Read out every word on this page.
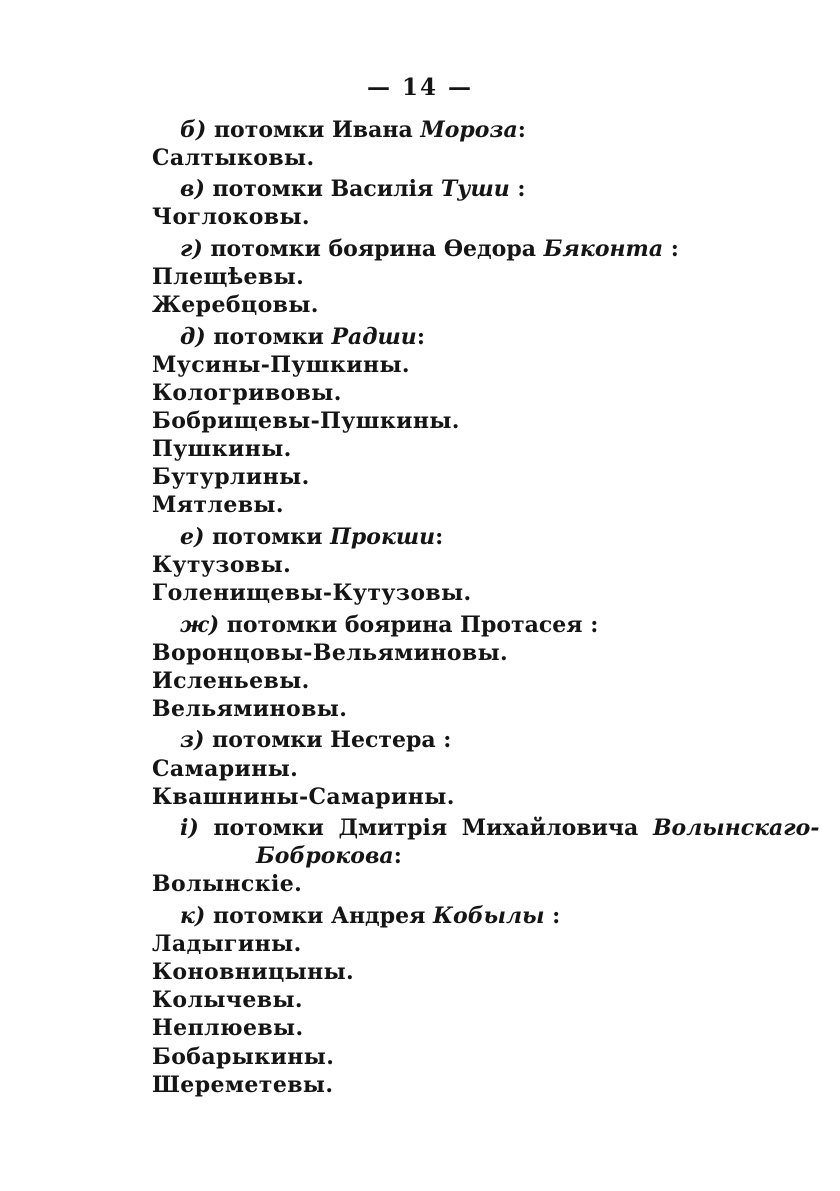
— 14 —
б) потомки Ивана Мороза:
Салтыковы.
в) потомки Василія Туши :
Чоглоковы.
г) потомки боярина Ѳедора Бяконта :
Плещѣевы.
Жеребцовы.
д) потомки Радши:
Мусины-Пушкины.
Кологривовы.
Бобрищевы-Пушкины.
Пушкины.
Бутурлины.
Мятлевы.
е) потомки Прокши:
Кутузовы.
Голенищевы-Кутузовы.
ж) потомки боярина Протасея :
Воронцовы-Вельяминовы.
Исленьевы.
Вельяминовы.
з) потомки Нестера :
Самарины.
Квашнины-Самарины.
і) потомки Дмитрія Михайловича Волынскаго-
Боброкова:
Волынскіе.
к) потомки Андрея Кобылы :
Ладыгины.
Коновницыны.
Колычевы.
Неплюевы.
Бобарыкины.
Шереметевы.
